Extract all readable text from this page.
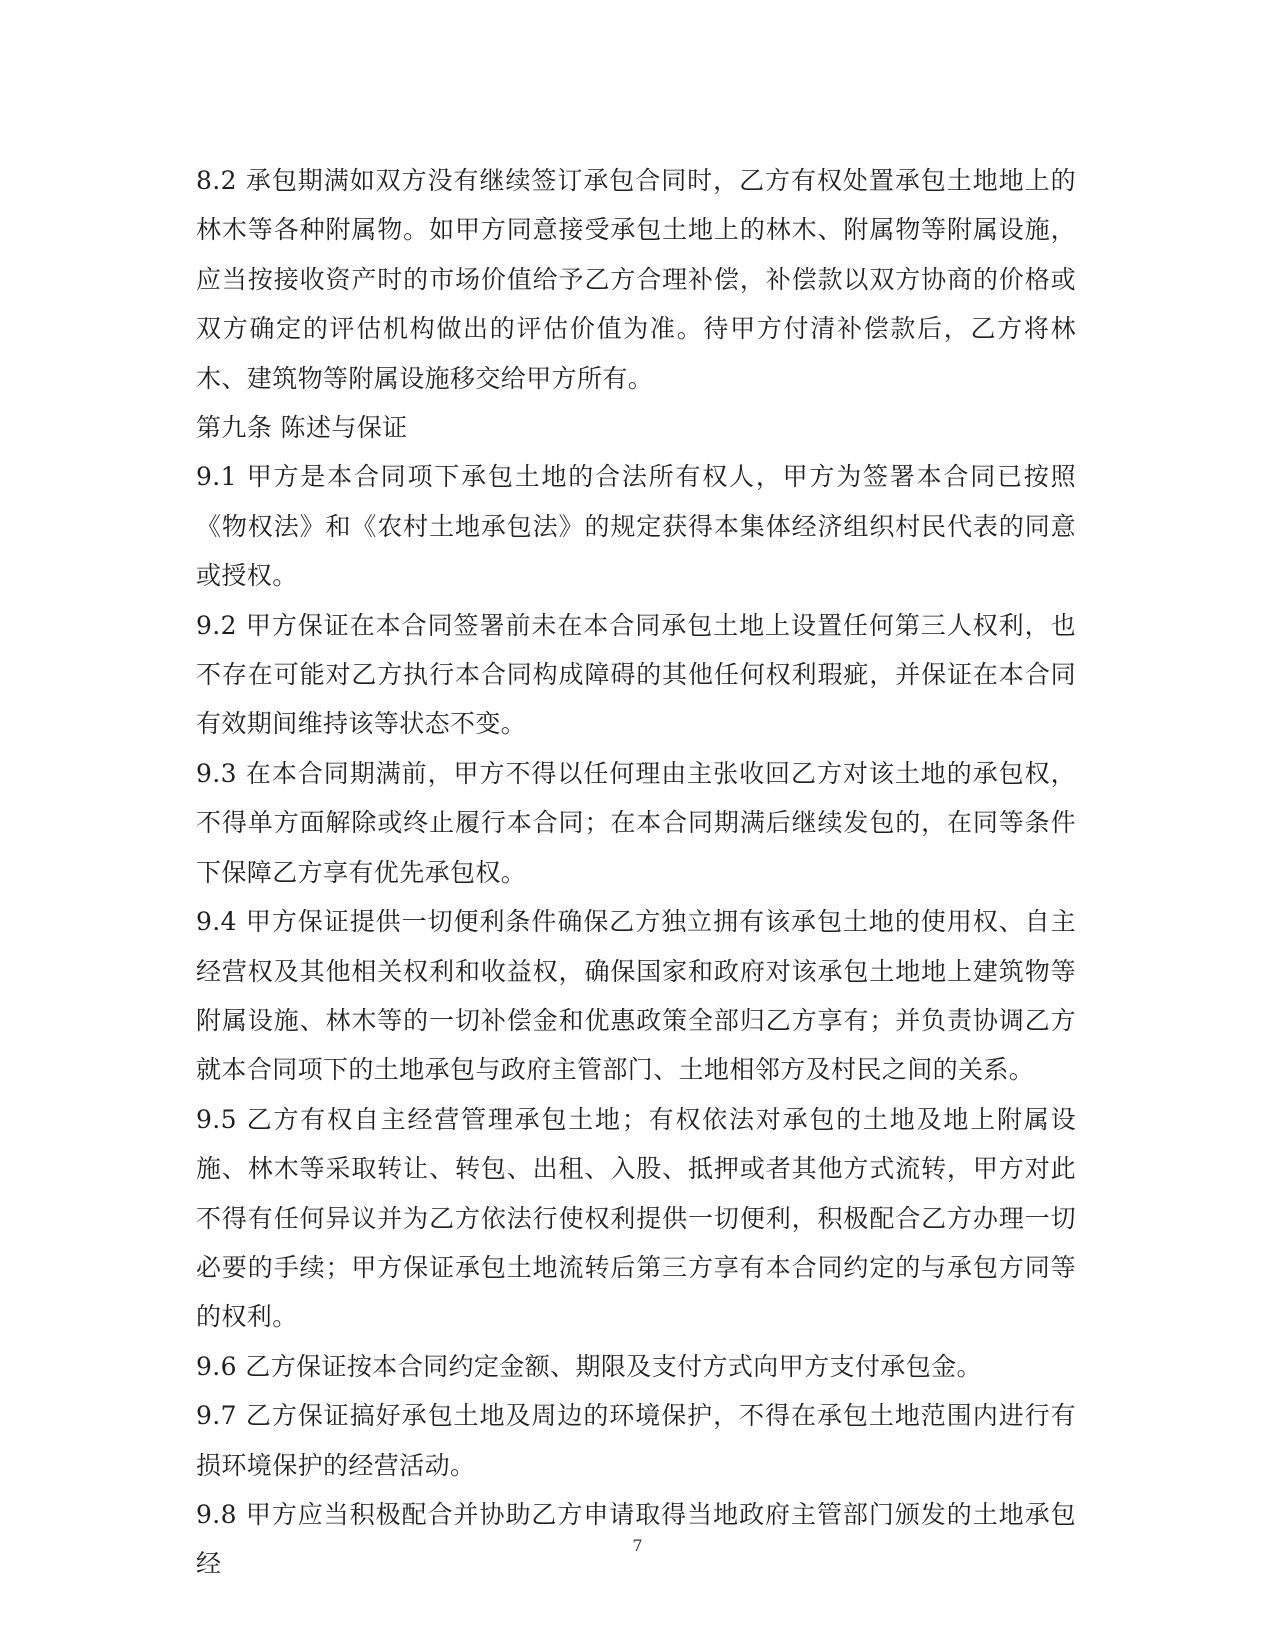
8.2 承包期满如双方没有继续签订承包合同时，乙方有权处置承包土地地上的林木等各种附属物。如甲方同意接受承包土地上的林木、附属物等附属设施，应当按接收资产时的市场价值给予乙方合理补偿，补偿款以双方协商的价格或双方确定的评估机构做出的评估价值为准。待甲方付清补偿款后，乙方将林木、建筑物等附属设施移交给甲方所有。

第九条 陈述与保证

9.1 甲方是本合同项下承包土地的合法所有权人，甲方为签署本合同已按照《物权法》和《农村土地承包法》的规定获得本集体经济组织村民代表的同意或授权。

9.2 甲方保证在本合同签署前未在本合同承包土地上设置任何第三人权利，也不存在可能对乙方执行本合同构成障碍的其他任何权利瑕疵，并保证在本合同有效期间维持该等状态不变。

9.3 在本合同期满前，甲方不得以任何理由主张收回乙方对该土地的承包权，不得单方面解除或终止履行本合同；在本合同期满后继续发包的，在同等条件下保障乙方享有优先承包权。

9.4 甲方保证提供一切便利条件确保乙方独立拥有该承包土地的使用权、自主经营权及其他相关权利和收益权，确保国家和政府对该承包土地地上建筑物等附属设施、林木等的一切补偿金和优惠政策全部归乙方享有；并负责协调乙方就本合同项下的土地承包与政府主管部门、土地相邻方及村民之间的关系。

9.5 乙方有权自主经营管理承包土地；有权依法对承包的土地及地上附属设施、林木等采取转让、转包、出租、入股、抵押或者其他方式流转，甲方对此不得有任何异议并为乙方依法行使权利提供一切便利，积极配合乙方办理一切必要的手续；甲方保证承包土地流转后第三方享有本合同约定的与承包方同等的权利。

9.6 乙方保证按本合同约定金额、期限及支付方式向甲方支付承包金。

9.7 乙方保证搞好承包土地及周边的环境保护，不得在承包土地范围内进行有损环境保护的经营活动。

9.8 甲方应当积极配合并协助乙方申请取得当地政府主管部门颁发的土地承包经

7
